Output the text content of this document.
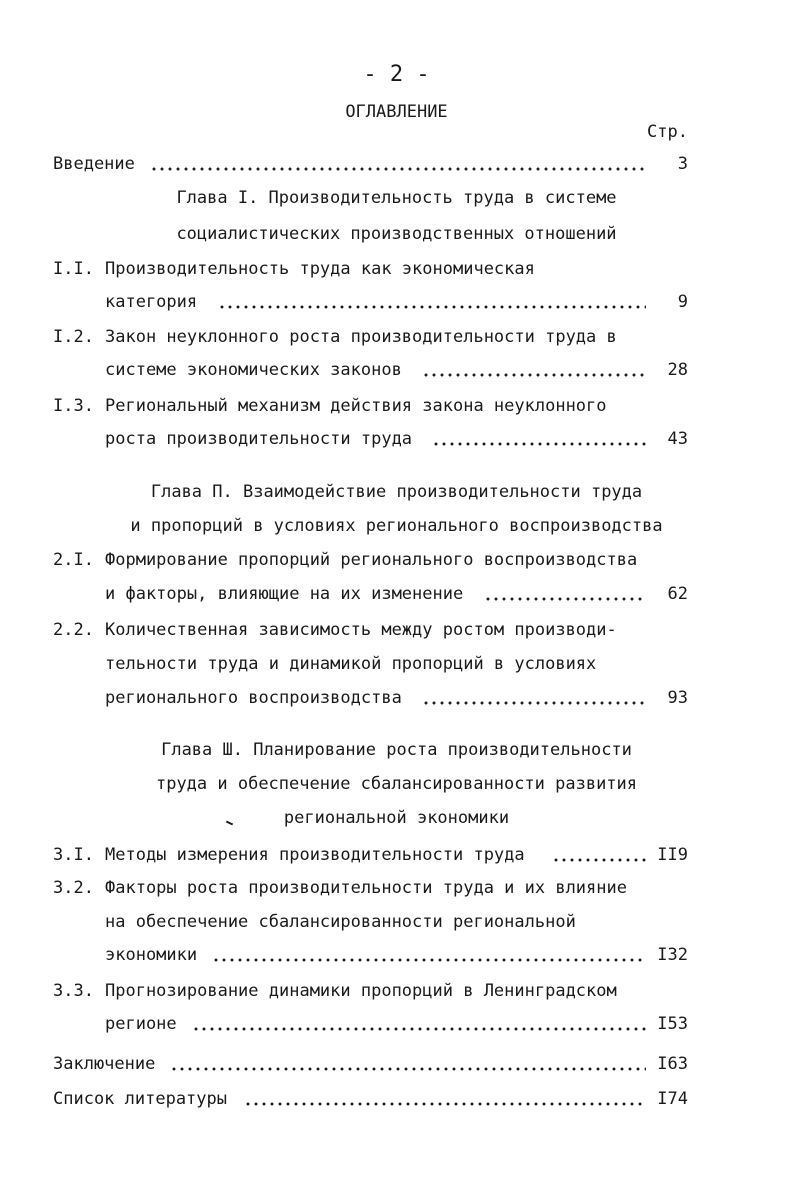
- 2 -
ОГЛАВЛЕНИЕ
Стр.
Введение	3
Глава I. Производительность труда в системе
социалистических производственных отношений
I.I. Производительность труда как экономическая
категория	9
I.2. Закон неуклонного роста производительности труда в
системе экономических законов	28
I.3. Региональный механизм действия закона неуклонного
роста производительности труда	43
Глава П. Взаимодействие производительности труда
и пропорций в условиях регионального воспроизводства
2.I. Формирование пропорций регионального воспроизводства
и факторы, влияющие на их изменение	62
2.2. Количественная зависимость между ростом производи-
тельности труда и динамикой пропорций в условиях
регионального воспроизводства	93
Глава Ш. Планирование роста производительности
труда и обеспечение сбалансированности развития
региональной экономики
3.I. Методы измерения производительности труда	II9
3.2. Факторы роста производительности труда и их влияние
на обеспечение сбалансированности региональной
экономики	I32
3.3. Прогнозирование динамики пропорций в Ленинградском
регионе	I53
Заключение	I63
Список литературы	I74
